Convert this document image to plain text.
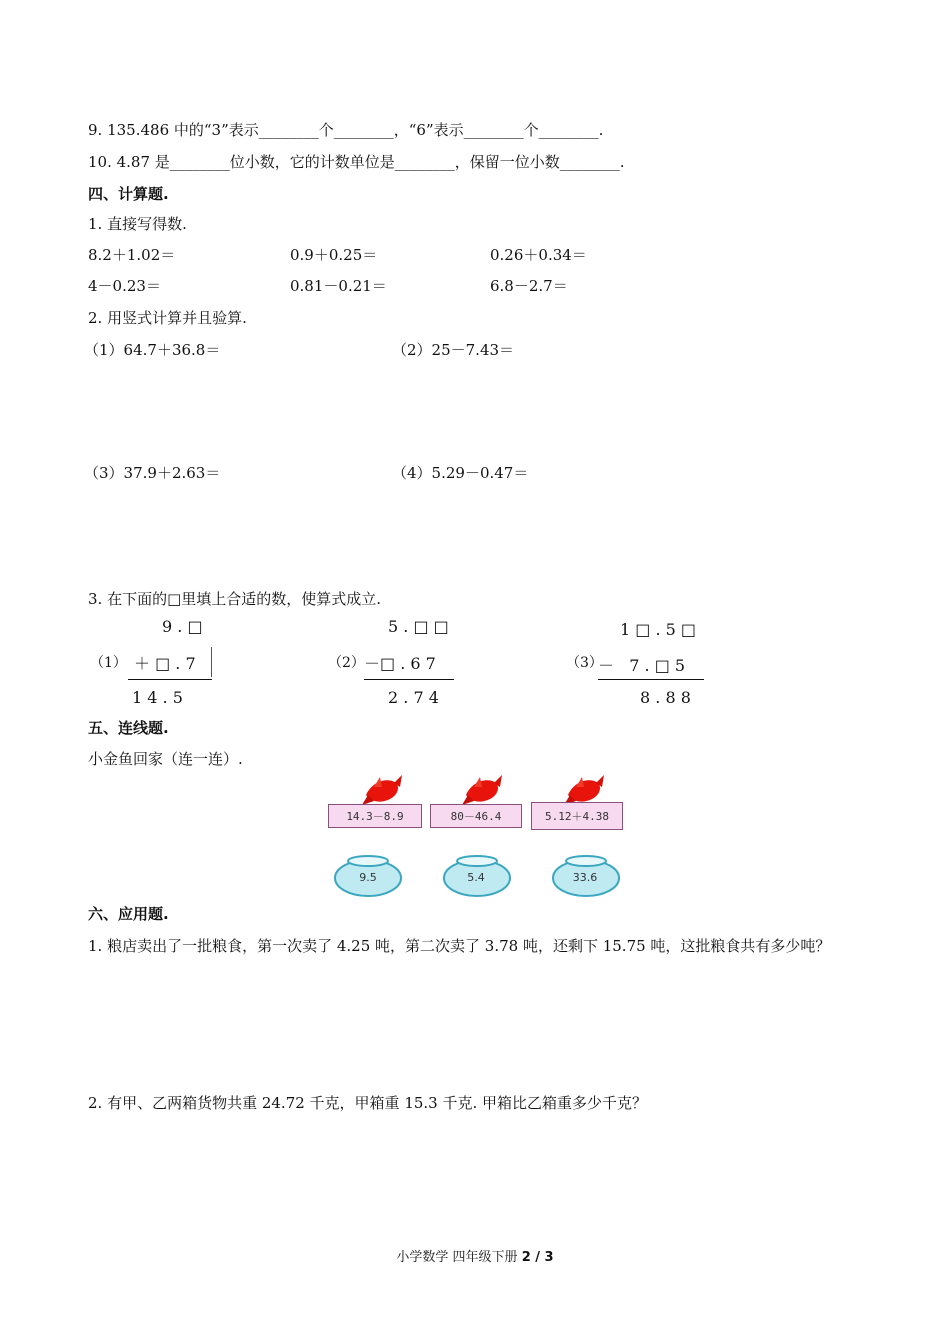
9. 135.486 中的“3”表示________个________，“6”表示________个________.
10. 4.87 是________位小数，它的计数单位是________，保留一位小数________.
四、计算题.
1. 直接写得数.
8.2＋1.02＝	0.9＋0.25＝	0.26＋0.34＝
4－0.23＝	0.81－0.21＝	6.8－2.7＝
2. 用竖式计算并且验算.
（1）64.7＋36.8＝	（2）25－7.43＝
（3）37.9＋2.63＝	（4）5.29－0.47＝
3. 在下面的□里填上合适的数，使算式成立.
9 . □
（1） ＋ □ . 7
1 4 . 5
5 . □ □
（2） －□ . 6 7
2 . 7 4
1 □ . 5 □
（3）
－   7 . □ 5
8 . 8 8
五、连线题.
小金鱼回家（连一连）.
14.3－8.9	80－46.4	5.12＋4.38
9.5	5.4	33.6
六、应用题.
1. 粮店卖出了一批粮食，第一次卖了 4.25 吨，第二次卖了 3.78 吨，还剩下 15.75 吨，这批粮食共有多少吨？
2. 有甲、乙两箱货物共重 24.72 千克，甲箱重 15.3 千克. 甲箱比乙箱重多少千克？
小学数学 四年级下册 2 / 3
